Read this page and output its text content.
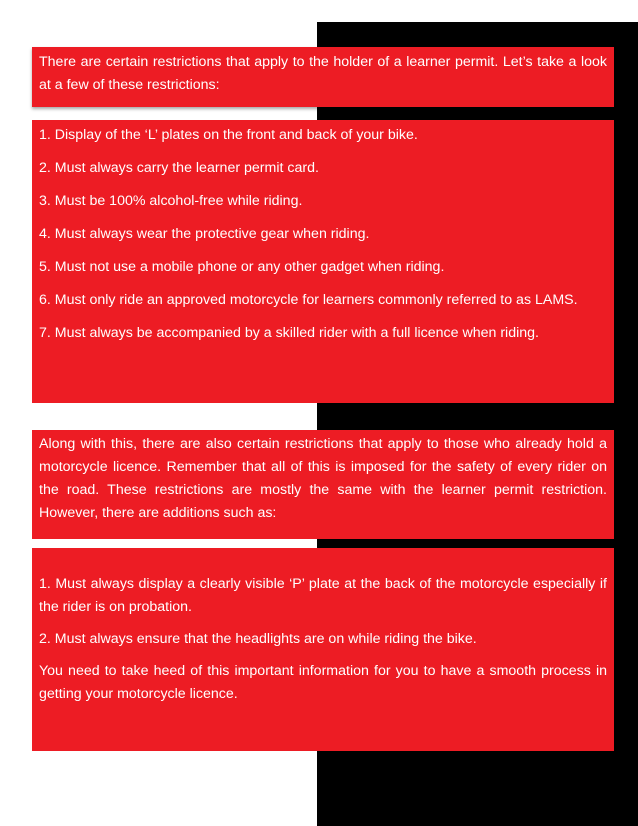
There are certain restrictions that apply to the holder of a learner permit. Let’s take a look at a few of these restrictions:

1. Display of the ‘L’ plates on the front and back of your bike.

2. Must always carry the learner permit card.

3. Must be 100% alcohol-free while riding.

4. Must always wear the protective gear when riding.

5. Must not use a mobile phone or any other gadget when riding.

6. Must only ride an approved motorcycle for learners commonly referred to as LAMS.

7. Must always be accompanied by a skilled rider with a full licence when riding.

Along with this, there are also certain restrictions that apply to those who already hold a motorcycle licence. Remember that all of this is imposed for the safety of every rider on the road. These restrictions are mostly the same with the learner permit restriction. However, there are additions such as:

1. Must always display a clearly visible ‘P’ plate at the back of the motorcycle especially if the rider is on probation.

2. Must always ensure that the headlights are on while riding the bike.

You need to take heed of this important information for you to have a smooth process in getting your motorcycle licence.
